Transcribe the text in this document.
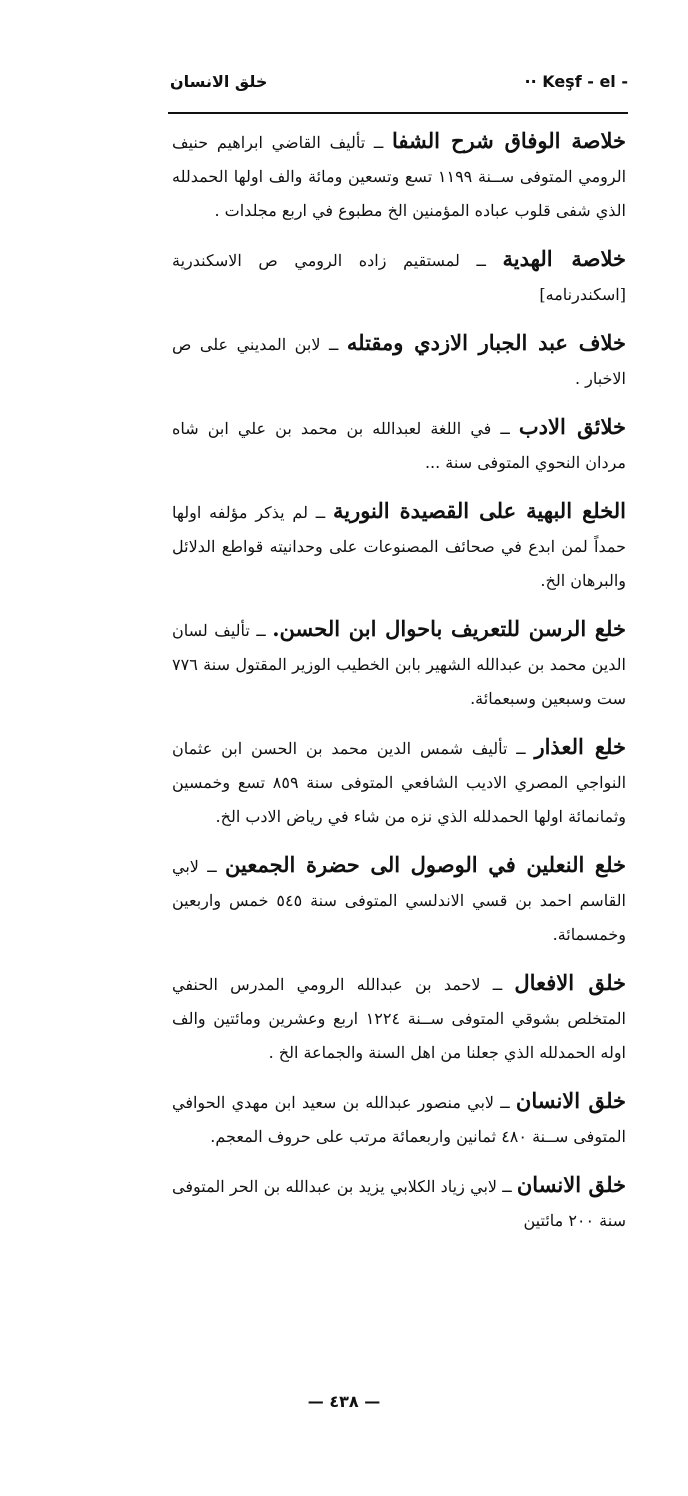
·· Keşf - el -
خلق الانسان

خلاصة الوفاق شرح الشفا ــ تأليف القاضي ابراهيم حنيف الرومي المتوفى ســنة ١١٩٩ تسع وتسعين ومائة والف اولها الحمدلله الذي شفى قلوب عباده المؤمنين الخ مطبوع في اربع مجلدات .

خلاصة الهدية ــ لمستقيم زاده الرومي ص الاسكندرية [اسكندرنامه]

خلاف عبد الجبار الازدي ومقتله ــ لابن المديني على ص الاخبار .

خلائق الادب ــ في اللغة لعبدالله بن محمد بن علي ابن شاه مردان النحوي المتوفى سنة ...

الخلع البهية على القصيدة النورية ــ لم يذكر مؤلفه اولها حمداً لمن ابدع في صحائف المصنوعات على وحدانيته قواطع الدلائل والبرهان الخ.

خلع الرسن للتعريف باحوال ابن الحسن. ــ تأليف لسان الدين محمد بن عبدالله الشهير بابن الخطيب الوزير المقتول سنة ٧٧٦ ست وسبعين وسبعمائة.

خلع العذار ــ تأليف شمس الدين محمد بن الحسن ابن عثمان النواجي المصري الاديب الشافعي المتوفى سنة ٨٥٩ تسع وخمسين وثمانمائة اولها الحمدلله الذي نزه من شاء في رياض الادب الخ.

خلع النعلين في الوصول الى حضرة الجمعين ــ لابي القاسم احمد بن قسي الاندلسي المتوفى سنة ٥٤٥ خمس واربعين وخمسمائة.

خلق الافعال ــ لاحمد بن عبدالله الرومي المدرس الحنفي المتخلص بشوقي المتوفى ســنة ١٢٢٤ اربع وعشرين ومائتين والف اوله الحمدلله الذي جعلنا من اهل السنة والجماعة الخ .

خلق الانسان ــ لابي منصور عبدالله بن سعيد ابن مهدي الحوافي المتوفى ســنة ٤٨٠ ثمانين واربعمائة مرتب على حروف المعجم.

خلق الانسان ــ لابي زياد الكلابي يزيد بن عبدالله بن الحر المتوفى سنة ٢٠٠ مائتين

— ٤٣٨ —
